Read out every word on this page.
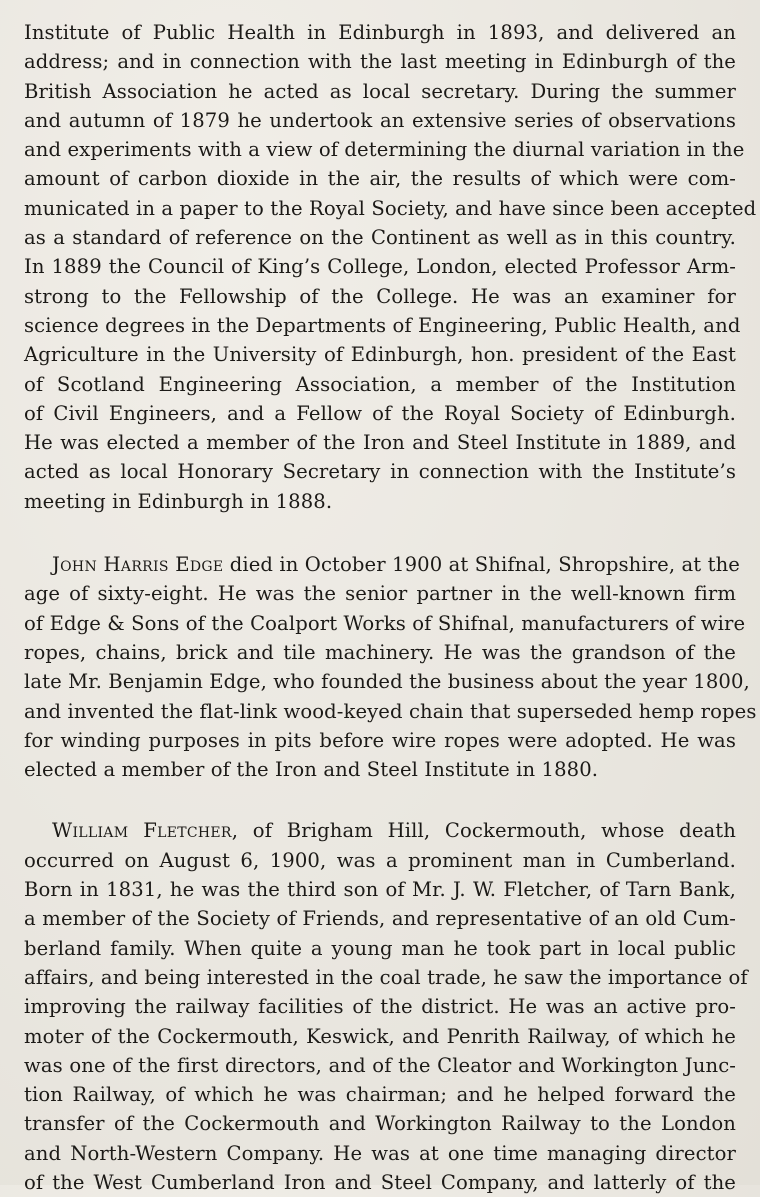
Institute of Public Health in Edinburgh in 1893, and delivered an
address; and in connection with the last meeting in Edinburgh of the
British Association he acted as local secretary. During the summer
and autumn of 1879 he undertook an extensive series of observations
and experiments with a view of determining the diurnal variation in the
amount of carbon dioxide in the air, the results of which were com-
municated in a paper to the Royal Society, and have since been accepted
as a standard of reference on the Continent as well as in this country.
In 1889 the Council of King’s College, London, elected Professor Arm-
strong to the Fellowship of the College. He was an examiner for
science degrees in the Departments of Engineering, Public Health, and
Agriculture in the University of Edinburgh, hon. president of the East
of Scotland Engineering Association, a member of the Institution
of Civil Engineers, and a Fellow of the Royal Society of Edinburgh.
He was elected a member of the Iron and Steel Institute in 1889, and
acted as local Honorary Secretary in connection with the Institute’s
meeting in Edinburgh in 1888.
John Harris Edge died in October 1900 at Shifnal, Shropshire, at the
age of sixty-eight. He was the senior partner in the well-known firm
of Edge & Sons of the Coalport Works of Shifnal, manufacturers of wire
ropes, chains, brick and tile machinery. He was the grandson of the
late Mr. Benjamin Edge, who founded the business about the year 1800,
and invented the flat-link wood-keyed chain that superseded hemp ropes
for winding purposes in pits before wire ropes were adopted. He was
elected a member of the Iron and Steel Institute in 1880.
William Fletcher, of Brigham Hill, Cockermouth, whose death
occurred on August 6, 1900, was a prominent man in Cumberland.
Born in 1831, he was the third son of Mr. J. W. Fletcher, of Tarn Bank,
a member of the Society of Friends, and representative of an old Cum-
berland family. When quite a young man he took part in local public
affairs, and being interested in the coal trade, he saw the importance of
improving the railway facilities of the district. He was an active pro-
moter of the Cockermouth, Keswick, and Penrith Railway, of which he
was one of the first directors, and of the Cleator and Workington Junc-
tion Railway, of which he was chairman; and he helped forward the
transfer of the Cockermouth and Workington Railway to the London
and North-Western Company. He was at one time managing director
of the West Cumberland Iron and Steel Company, and latterly of the
